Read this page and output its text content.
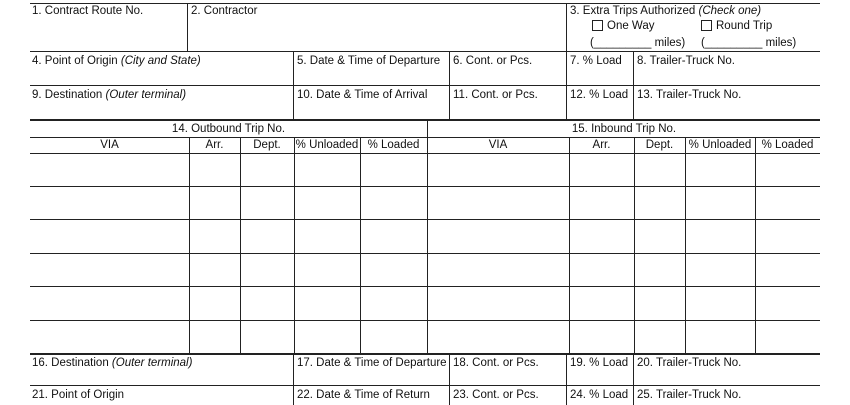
1. Contract Route No.	2. Contractor	3. Extra Trips Authorized (Check one)
One Way	Round Trip
(_________ miles) (_________ miles)
4. Point of Origin (City and State)	5. Date & Time of Departure 6. Cont. or Pcs.	7. % Load 8. Trailer-Truck No.
9. Destination (Outer terminal)	10. Date & Time of Arrival 11. Cont. or Pcs.	12. % Load 13. Trailer-Truck No.
14. Outbound Trip No.	15. Inbound Trip No.
VIA	Arr.	Dept.	% Unloaded % Loaded	VIA	Arr.	Dept.	% Unloaded % Loaded
16. Destination (Outer terminal)	17. Date & Time of Departure 18. Cont. or Pcs.	19. % Load 20. Trailer-Truck No.
21. Point of Origin	22. Date & Time of Return 23. Cont. or Pcs.	24. % Load 25. Trailer-Truck No.
